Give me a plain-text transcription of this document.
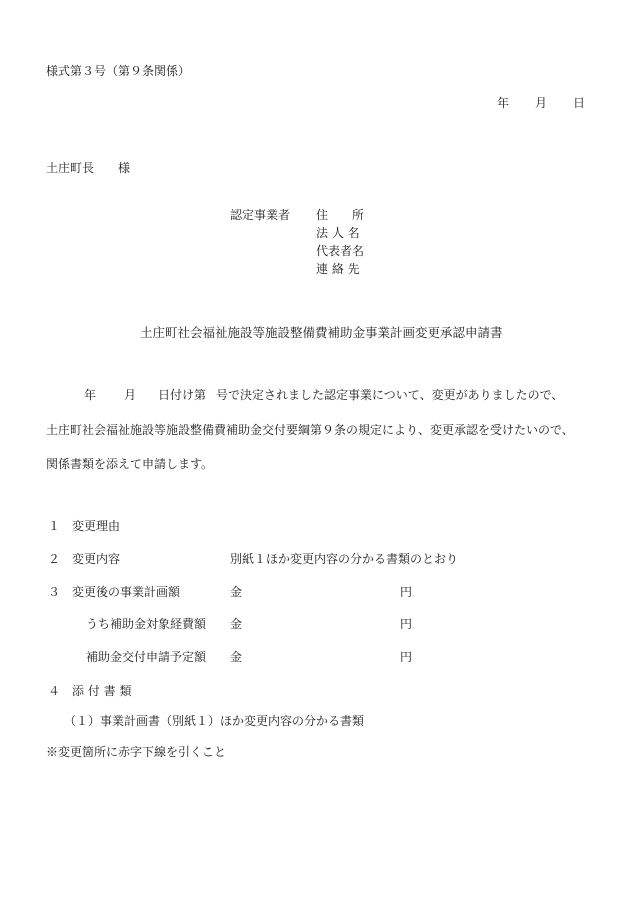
様式第３号（第９条関係）
年 月 日
土庄町長 様
認定事業者 住　　所
法 人 名
代表者名
連 絡 先
土庄町社会福祉施設等施設整備費補助金事業計画変更承認申請書
年 月 日付け第 号で決定されました認定事業について、変更がありましたので、
土庄町社会福祉施設等施設整備費補助金交付要綱第９条の規定により、変更承認を受けたいので、
関係書類を添えて申請します。
１ 変更理由
２ 変更内容	別紙１ほか変更内容の分かる書類のとおり
３ 変更後の事業計画額	金	円
うち補助金対象経費額 金	円
補助金交付申請予定額 金	円
４ 添 付 書 類
（１）事業計画書（別紙１）ほか変更内容の分かる書類
※変更箇所に赤字下線を引くこと
